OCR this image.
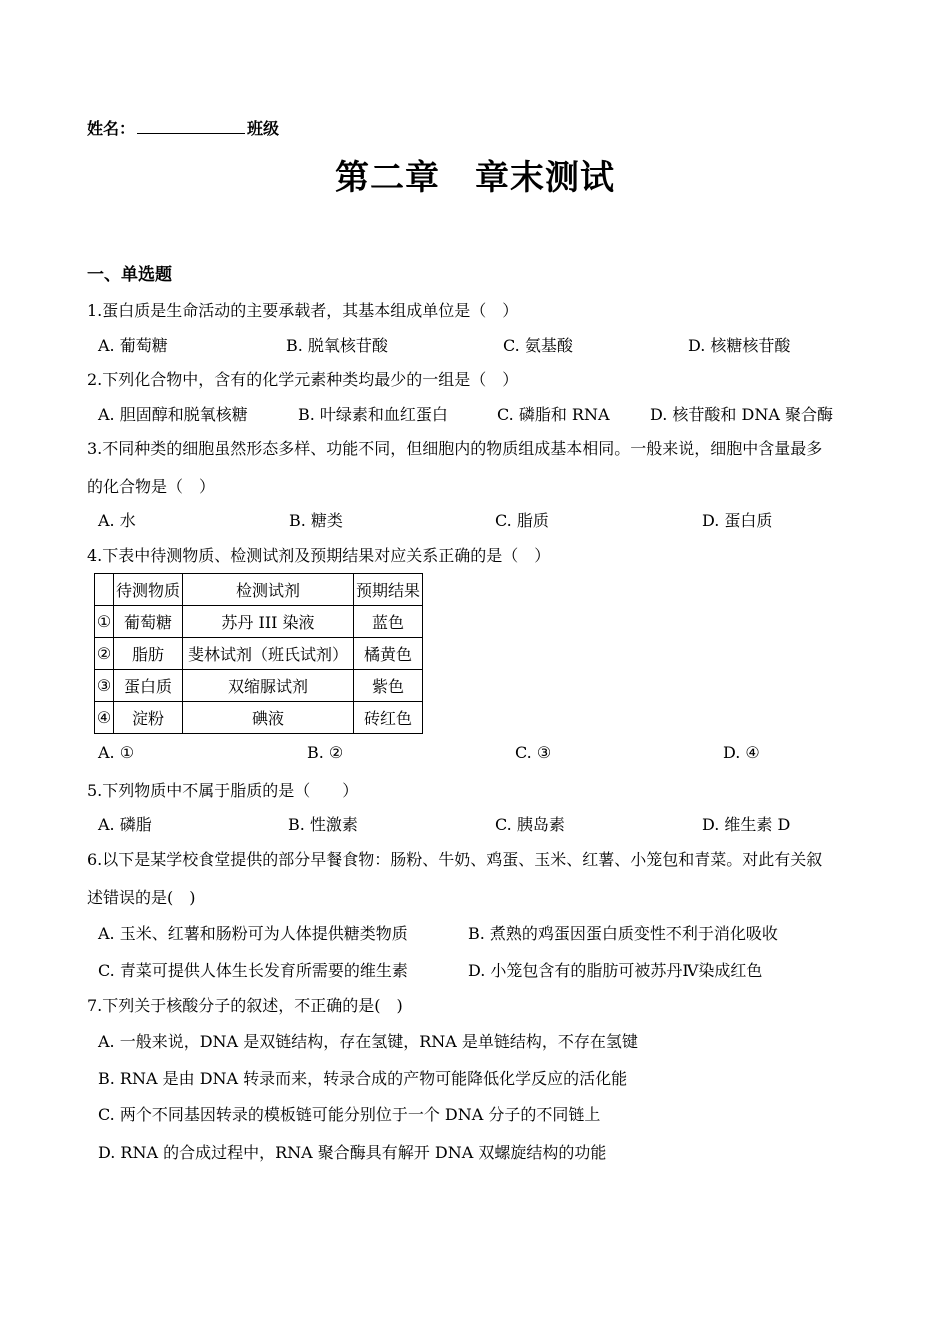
姓名：	班级
第二章　章末测试
一、单选题
1.蛋白质是生命活动的主要承载者，其基本组成单位是（　）
A. 葡萄糖	B. 脱氧核苷酸	C. 氨基酸	D. 核糖核苷酸
2.下列化合物中，含有的化学元素种类均最少的一组是（　）
A. 胆固醇和脱氧核糖	B. 叶绿素和血红蛋白	C. 磷脂和 RNA	D. 核苷酸和 DNA 聚合酶
3.不同种类的细胞虽然形态多样、功能不同，但细胞内的物质组成基本相同。一般来说，细胞中含量最多
的化合物是（　）
A. 水	B. 糖类	C. 脂质	D. 蛋白质
4.下表中待测物质、检测试剂及预期结果对应关系正确的是（　）
	待测物质	检测试剂	预期结果
①	葡萄糖	苏丹 III 染液	蓝色
②	脂肪	斐林试剂（班氏试剂）	橘黄色
③	蛋白质	双缩脲试剂	紫色
④	淀粉	碘液	砖红色
A. ①	B. ②	C. ③	D. ④
5.下列物质中不属于脂质的是（　　）
A. 磷脂	B. 性激素	C. 胰岛素	D. 维生素 D
6.以下是某学校食堂提供的部分早餐食物：肠粉、牛奶、鸡蛋、玉米、红薯、小笼包和青菜。对此有关叙
述错误的是(　)
A. 玉米、红薯和肠粉可为人体提供糖类物质	B. 煮熟的鸡蛋因蛋白质变性不利于消化吸收
C. 青菜可提供人体生长发育所需要的维生素	D. 小笼包含有的脂肪可被苏丹Ⅳ染成红色
7.下列关于核酸分子的叙述，不正确的是(　)
A. 一般来说，DNA 是双链结构，存在氢键，RNA 是单链结构，不存在氢键
B. RNA 是由 DNA 转录而来，转录合成的产物可能降低化学反应的活化能
C. 两个不同基因转录的模板链可能分别位于一个 DNA 分子的不同链上
D. RNA 的合成过程中，RNA 聚合酶具有解开 DNA 双螺旋结构的功能
